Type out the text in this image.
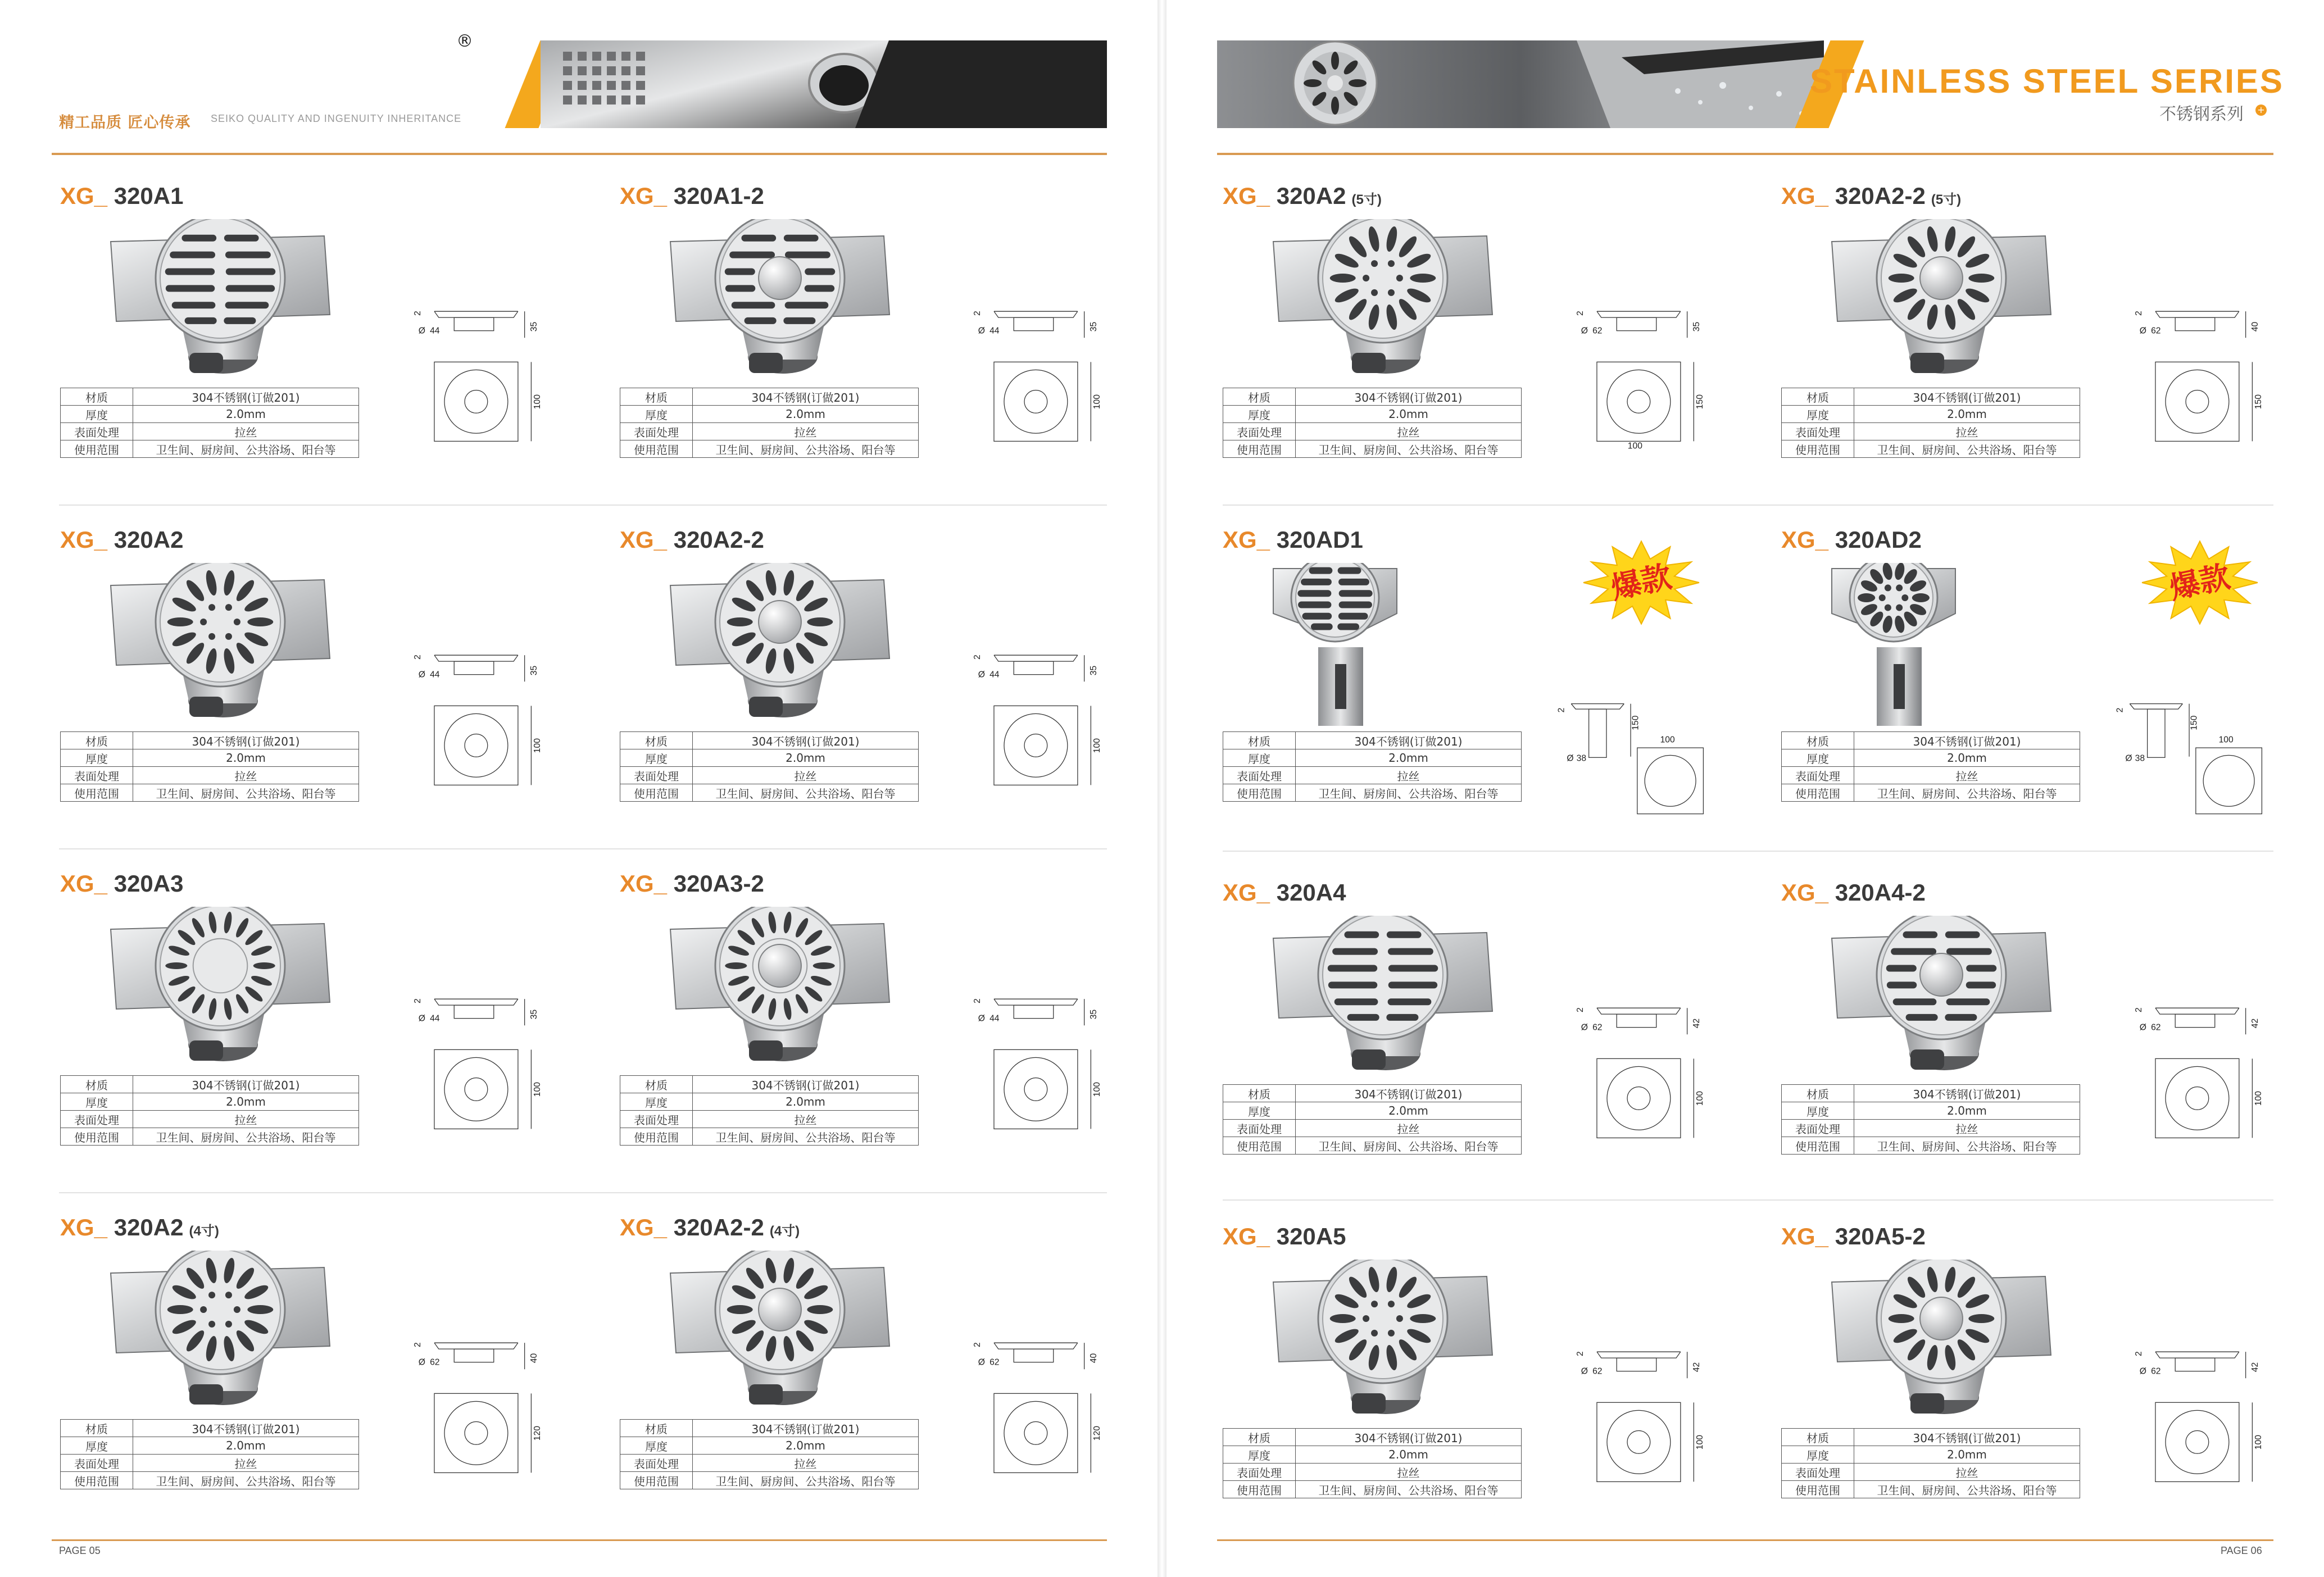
精工品质 匠心传承 SEIKO QUALITY AND INGENUITY INHERITANCE
®
PAGE 05
STAINLESS STEEL SERIES
不锈钢系列 +
PAGE 06
XG_ 320A1
2
Ø 44	35
100
材质	304不锈钢(订做201)
厚度	2.0mm
表面处理	拉丝
使用范围	卫生间、厨房间、公共浴场、阳台等
XG_ 320A1-2
2
Ø 44	35
100
材质	304不锈钢(订做201)
厚度	2.0mm
表面处理	拉丝
使用范围	卫生间、厨房间、公共浴场、阳台等
XG_ 320A2
2
Ø 44	35
100
材质	304不锈钢(订做201)
厚度	2.0mm
表面处理	拉丝
使用范围	卫生间、厨房间、公共浴场、阳台等
XG_ 320A2-2
2
Ø 44	35
100
材质	304不锈钢(订做201)
厚度	2.0mm
表面处理	拉丝
使用范围	卫生间、厨房间、公共浴场、阳台等
XG_ 320A3
2
Ø 44	35
100
材质	304不锈钢(订做201)
厚度	2.0mm
表面处理	拉丝
使用范围	卫生间、厨房间、公共浴场、阳台等
XG_ 320A3-2
2
Ø 44	35
100
材质	304不锈钢(订做201)
厚度	2.0mm
表面处理	拉丝
使用范围	卫生间、厨房间、公共浴场、阳台等
XG_ 320A2 (4寸)
2
Ø 62	40
120
材质	304不锈钢(订做201)
厚度	2.0mm
表面处理	拉丝
使用范围	卫生间、厨房间、公共浴场、阳台等
XG_ 320A2-2 (4寸)
2
Ø 62	40
120
材质	304不锈钢(订做201)
厚度	2.0mm
表面处理	拉丝
使用范围	卫生间、厨房间、公共浴场、阳台等
XG_ 320A2 (5寸)
2
Ø 62	35
150
100
材质	304不锈钢(订做201)
厚度	2.0mm
表面处理	拉丝
使用范围	卫生间、厨房间、公共浴场、阳台等
XG_ 320A2-2 (5寸)
2
Ø 62	40
150
材质	304不锈钢(订做201)
厚度	2.0mm
表面处理	拉丝
使用范围	卫生间、厨房间、公共浴场、阳台等
XG_ 320AD1
2
150
Ø 38
100
材质	304不锈钢(订做201)
厚度	2.0mm
表面处理	拉丝
使用范围	卫生间、厨房间、公共浴场、阳台等
爆款
XG_ 320AD2
2
150
Ø 38
100
材质	304不锈钢(订做201)
厚度	2.0mm
表面处理	拉丝
使用范围	卫生间、厨房间、公共浴场、阳台等
爆款
XG_ 320A4
2
Ø 62	42
100
材质	304不锈钢(订做201)
厚度	2.0mm
表面处理	拉丝
使用范围	卫生间、厨房间、公共浴场、阳台等
XG_ 320A4-2
2
Ø 62	42
100
材质	304不锈钢(订做201)
厚度	2.0mm
表面处理	拉丝
使用范围	卫生间、厨房间、公共浴场、阳台等
XG_ 320A5
2
Ø 62	42
100
材质	304不锈钢(订做201)
厚度	2.0mm
表面处理	拉丝
使用范围	卫生间、厨房间、公共浴场、阳台等
XG_ 320A5-2
2
Ø 62	42
100
材质	304不锈钢(订做201)
厚度	2.0mm
表面处理	拉丝
使用范围	卫生间、厨房间、公共浴场、阳台等
